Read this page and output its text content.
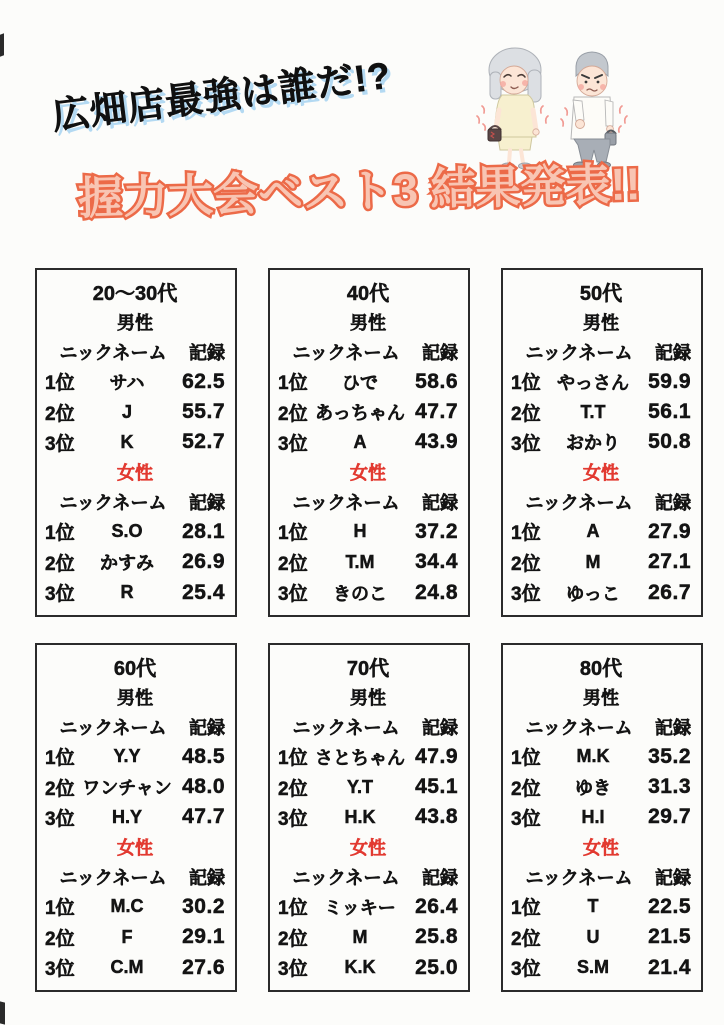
広畑店最強は誰だ!?
握力大会ベスト3 結果発表!!
20〜30代
男性
ニックネーム	記録
1位	サハ	62.5
2位	J	55.7
3位	K	52.7
女性
ニックネーム	記録
1位	S.O	28.1
2位	かすみ	26.9
3位	R	25.4
40代
男性
ニックネーム	記録
1位	ひで	58.6
2位 あっちゃん 47.7
3位	A	43.9
女性
ニックネーム	記録
1位	H	37.2
2位	T.M	34.4
3位	きのこ	24.8
50代
男性
ニックネーム	記録
1位 やっさん 59.9
2位	T.T	56.1
3位	おかり	50.8
女性
ニックネーム	記録
1位	A	27.9
2位	M	27.1
3位	ゆっこ	26.7
60代
男性
ニックネーム	記録
1位	Y.Y	48.5
2位 ワンチャン 48.0
3位	H.Y	47.7
女性
ニックネーム	記録
1位	M.C	30.2
2位	F	29.1
3位	C.M	27.6
70代
男性
ニックネーム	記録
1位 さとちゃん 47.9
2位	Y.T	45.1
3位	H.K	43.8
女性
ニックネーム	記録
1位 ミッキー 26.4
2位	M	25.8
3位	K.K	25.0
80代
男性
ニックネーム	記録
1位	M.K	35.2
2位	ゆき	31.3
3位	H.I	29.7
女性
ニックネーム	記録
1位	T	22.5
2位	U	21.5
3位	S.M	21.4
